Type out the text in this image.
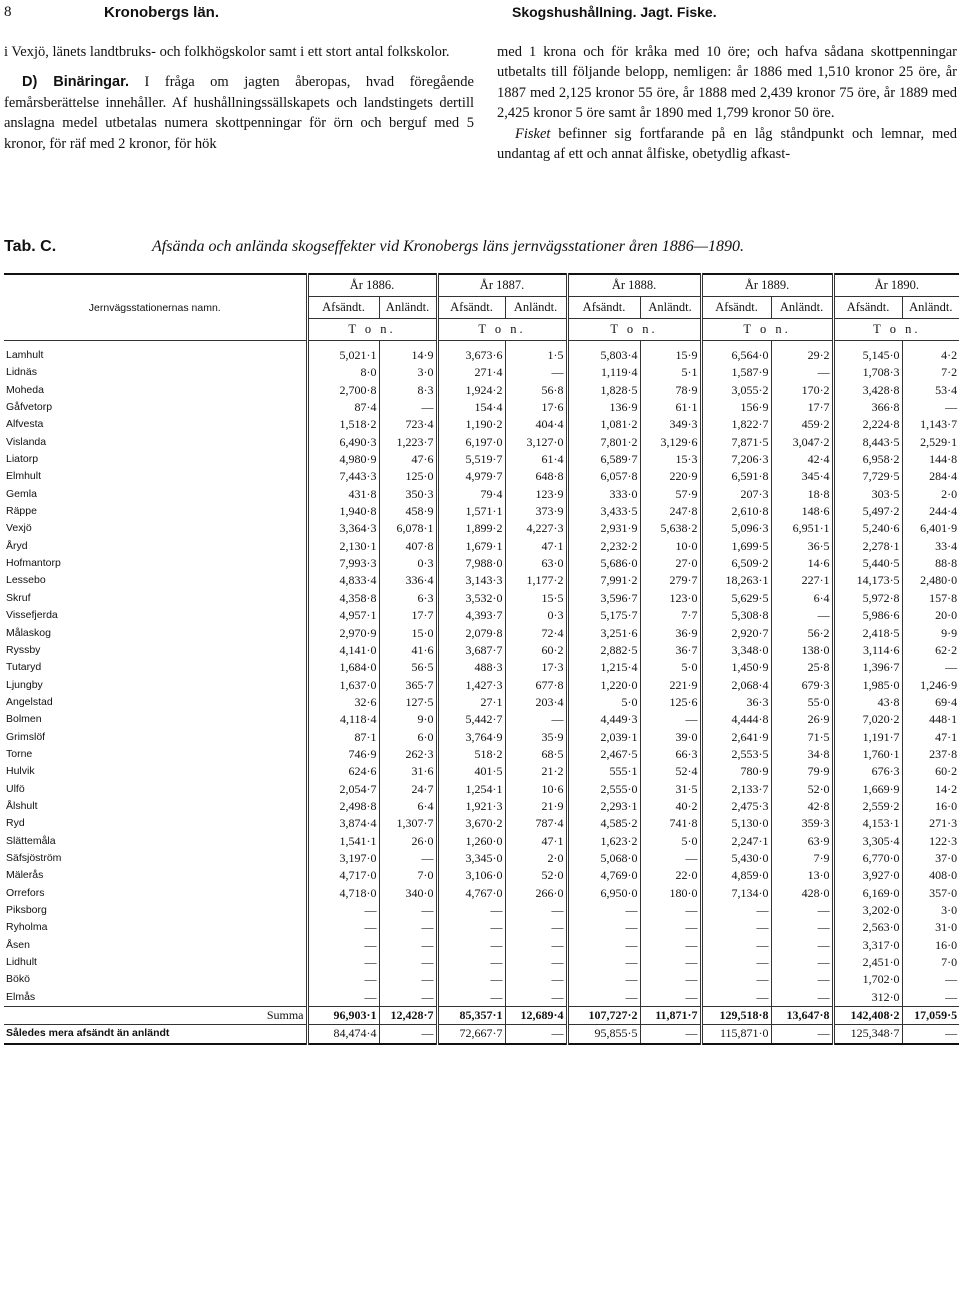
8	Kronobergs län.	Skogshushållning. Jagt. Fiske.

i Vexjö, länets landtbruks- och folkhögskolor samt i ett stort antal folkskolor.

D) Binäringar. I fråga om jagten åberopas, hvad föregående femårsberättelse innehåller. Af hushållningssällskapets och landstingets dertill anslagna medel utbetalas numera skottpenningar för örn och berguf med 5 kronor, för räf med 2 kronor, för hök

med 1 krona och för kråka med 10 öre; och hafva sådana skottpenningar utbetalts till följande belopp, nemligen: år 1886 med 1,510 kronor 25 öre, år 1887 med 2,125 kronor 55 öre, år 1888 med 2,439 kronor 75 öre, år 1889 med 2,425 kronor 5 öre samt år 1890 med 1,799 kronor 50 öre.

Fisket befinner sig fortfarande på en låg ståndpunkt och lemnar, med undantag af ett och annat ålfiske, obetydlig afkast-

Tab. C.	Afsända och anlända skogseffekter vid Kronobergs läns jernvägsstationer åren 1886—1890.
Jernvägsstationernas namn.	År 1886.		År 1887.		År 1888.		År 1889.		År 1890.	
	Afsändt.	Anländt.	Afsändt.	Anländt.	Afsändt.	Anländt.	Afsändt.	Anländt.	Afsändt.	Anländt.
	T o n.		T o n.		T o n.		T o n.		T o n.	
Lamhult	5,021·1	14·9	3,673·6	1·5	5,803·4	15·9	6,564·0	29·2	5,145·0	4·2
Lidnäs	8·0	3·0	271·4	—	1,119·4	5·1	1,587·9	—	1,708·3	7·2
Moheda	2,700·8	8·3	1,924·2	56·8	1,828·5	78·9	3,055·2	170·2	3,428·8	53·4
Gåfvetorp	87·4	—	154·4	17·6	136·9	61·1	156·9	17·7	366·8	—
Alfvesta	1,518·2	723·4	1,190·2	404·4	1,081·2	349·3	1,822·7	459·2	2,224·8	1,143·7
Vislanda	6,490·3	1,223·7	6,197·0	3,127·0	7,801·2	3,129·6	7,871·5	3,047·2	8,443·5	2,529·1
Liatorp	4,980·9	47·6	5,519·7	61·4	6,589·7	15·3	7,206·3	42·4	6,958·2	144·8
Elmhult	7,443·3	125·0	4,979·7	648·8	6,057·8	220·9	6,591·8	345·4	7,729·5	284·4
Gemla	431·8	350·3	79·4	123·9	333·0	57·9	207·3	18·8	303·5	2·0
Räppe	1,940·8	458·9	1,571·1	373·9	3,433·5	247·8	2,610·8	148·6	5,497·2	244·4
Vexjö	3,364·3	6,078·1	1,899·2	4,227·3	2,931·9	5,638·2	5,096·3	6,951·1	5,240·6	6,401·9
Åryd	2,130·1	407·8	1,679·1	47·1	2,232·2	10·0	1,699·5	36·5	2,278·1	33·4
Hofmantorp	7,993·3	0·3	7,988·0	63·0	5,686·0	27·0	6,509·2	14·6	5,440·5	88·8
Lessebo	4,833·4	336·4	3,143·3	1,177·2	7,991·2	279·7	18,263·1	227·1	14,173·5	2,480·0
Skruf	4,358·8	6·3	3,532·0	15·5	3,596·7	123·0	5,629·5	6·4	5,972·8	157·8
Vissefjerda	4,957·1	17·7	4,393·7	0·3	5,175·7	7·7	5,308·8	—	5,986·6	20·0
Målaskog	2,970·9	15·0	2,079·8	72·4	3,251·6	36·9	2,920·7	56·2	2,418·5	9·9
Ryssby	4,141·0	41·6	3,687·7	60·2	2,882·5	36·7	3,348·0	138·0	3,114·6	62·2
Tutaryd	1,684·0	56·5	488·3	17·3	1,215·4	5·0	1,450·9	25·8	1,396·7	—
Ljungby	1,637·0	365·7	1,427·3	677·8	1,220·0	221·9	2,068·4	679·3	1,985·0	1,246·9
Angelstad	32·6	127·5	27·1	203·4	5·0	125·6	36·3	55·0	43·8	69·4
Bolmen	4,118·4	9·0	5,442·7	—	4,449·3	—	4,444·8	26·9	7,020·2	448·1
Grimslöf	87·1	6·0	3,764·9	35·9	2,039·1	39·0	2,641·9	71·5	1,191·7	47·1
Torne	746·9	262·3	518·2	68·5	2,467·5	66·3	2,553·5	34·8	1,760·1	237·8
Hulvik	624·6	31·6	401·5	21·2	555·1	52·4	780·9	79·9	676·3	60·2
Ulfö	2,054·7	24·7	1,254·1	10·6	2,555·0	31·5	2,133·7	52·0	1,669·9	14·2
Ålshult	2,498·8	6·4	1,921·3	21·9	2,293·1	40·2	2,475·3	42·8	2,559·2	16·0
Ryd	3,874·4	1,307·7	3,670·2	787·4	4,585·2	741·8	5,130·0	359·3	4,153·1	271·3
Slättemåla	1,541·1	26·0	1,260·0	47·1	1,623·2	5·0	2,247·1	63·9	3,305·4	122·3
Säfsjöström	3,197·0	—	3,345·0	2·0	5,068·0	—	5,430·0	7·9	6,770·0	37·0
Mälerås	4,717·0	7·0	3,106·0	52·0	4,769·0	22·0	4,859·0	13·0	3,927·0	408·0
Orrefors	4,718·0	340·0	4,767·0	266·0	6,950·0	180·0	7,134·0	428·0	6,169·0	357·0
Piksborg	—	—	—	—	—	—	—	—	3,202·0	3·0
Ryholma	—	—	—	—	—	—	—	—	2,563·0	31·0
Åsen	—	—	—	—	—	—	—	—	3,317·0	16·0
Lidhult	—	—	—	—	—	—	—	—	2,451·0	7·0
Bökö	—	—	—	—	—	—	—	—	1,702·0	—
Elmås	—	—	—	—	—	—	—	—	312·0	—
Summa	96,903·1	12,428·7	85,357·1	12,689·4	107,727·2	11,871·7	129,518·8	13,647·8	142,408·2	17,059·5
Således mera afsändt än anländt	84,474·4	—	72,667·7	—	95,855·5	—	115,871·0	—	125,348·7	—
